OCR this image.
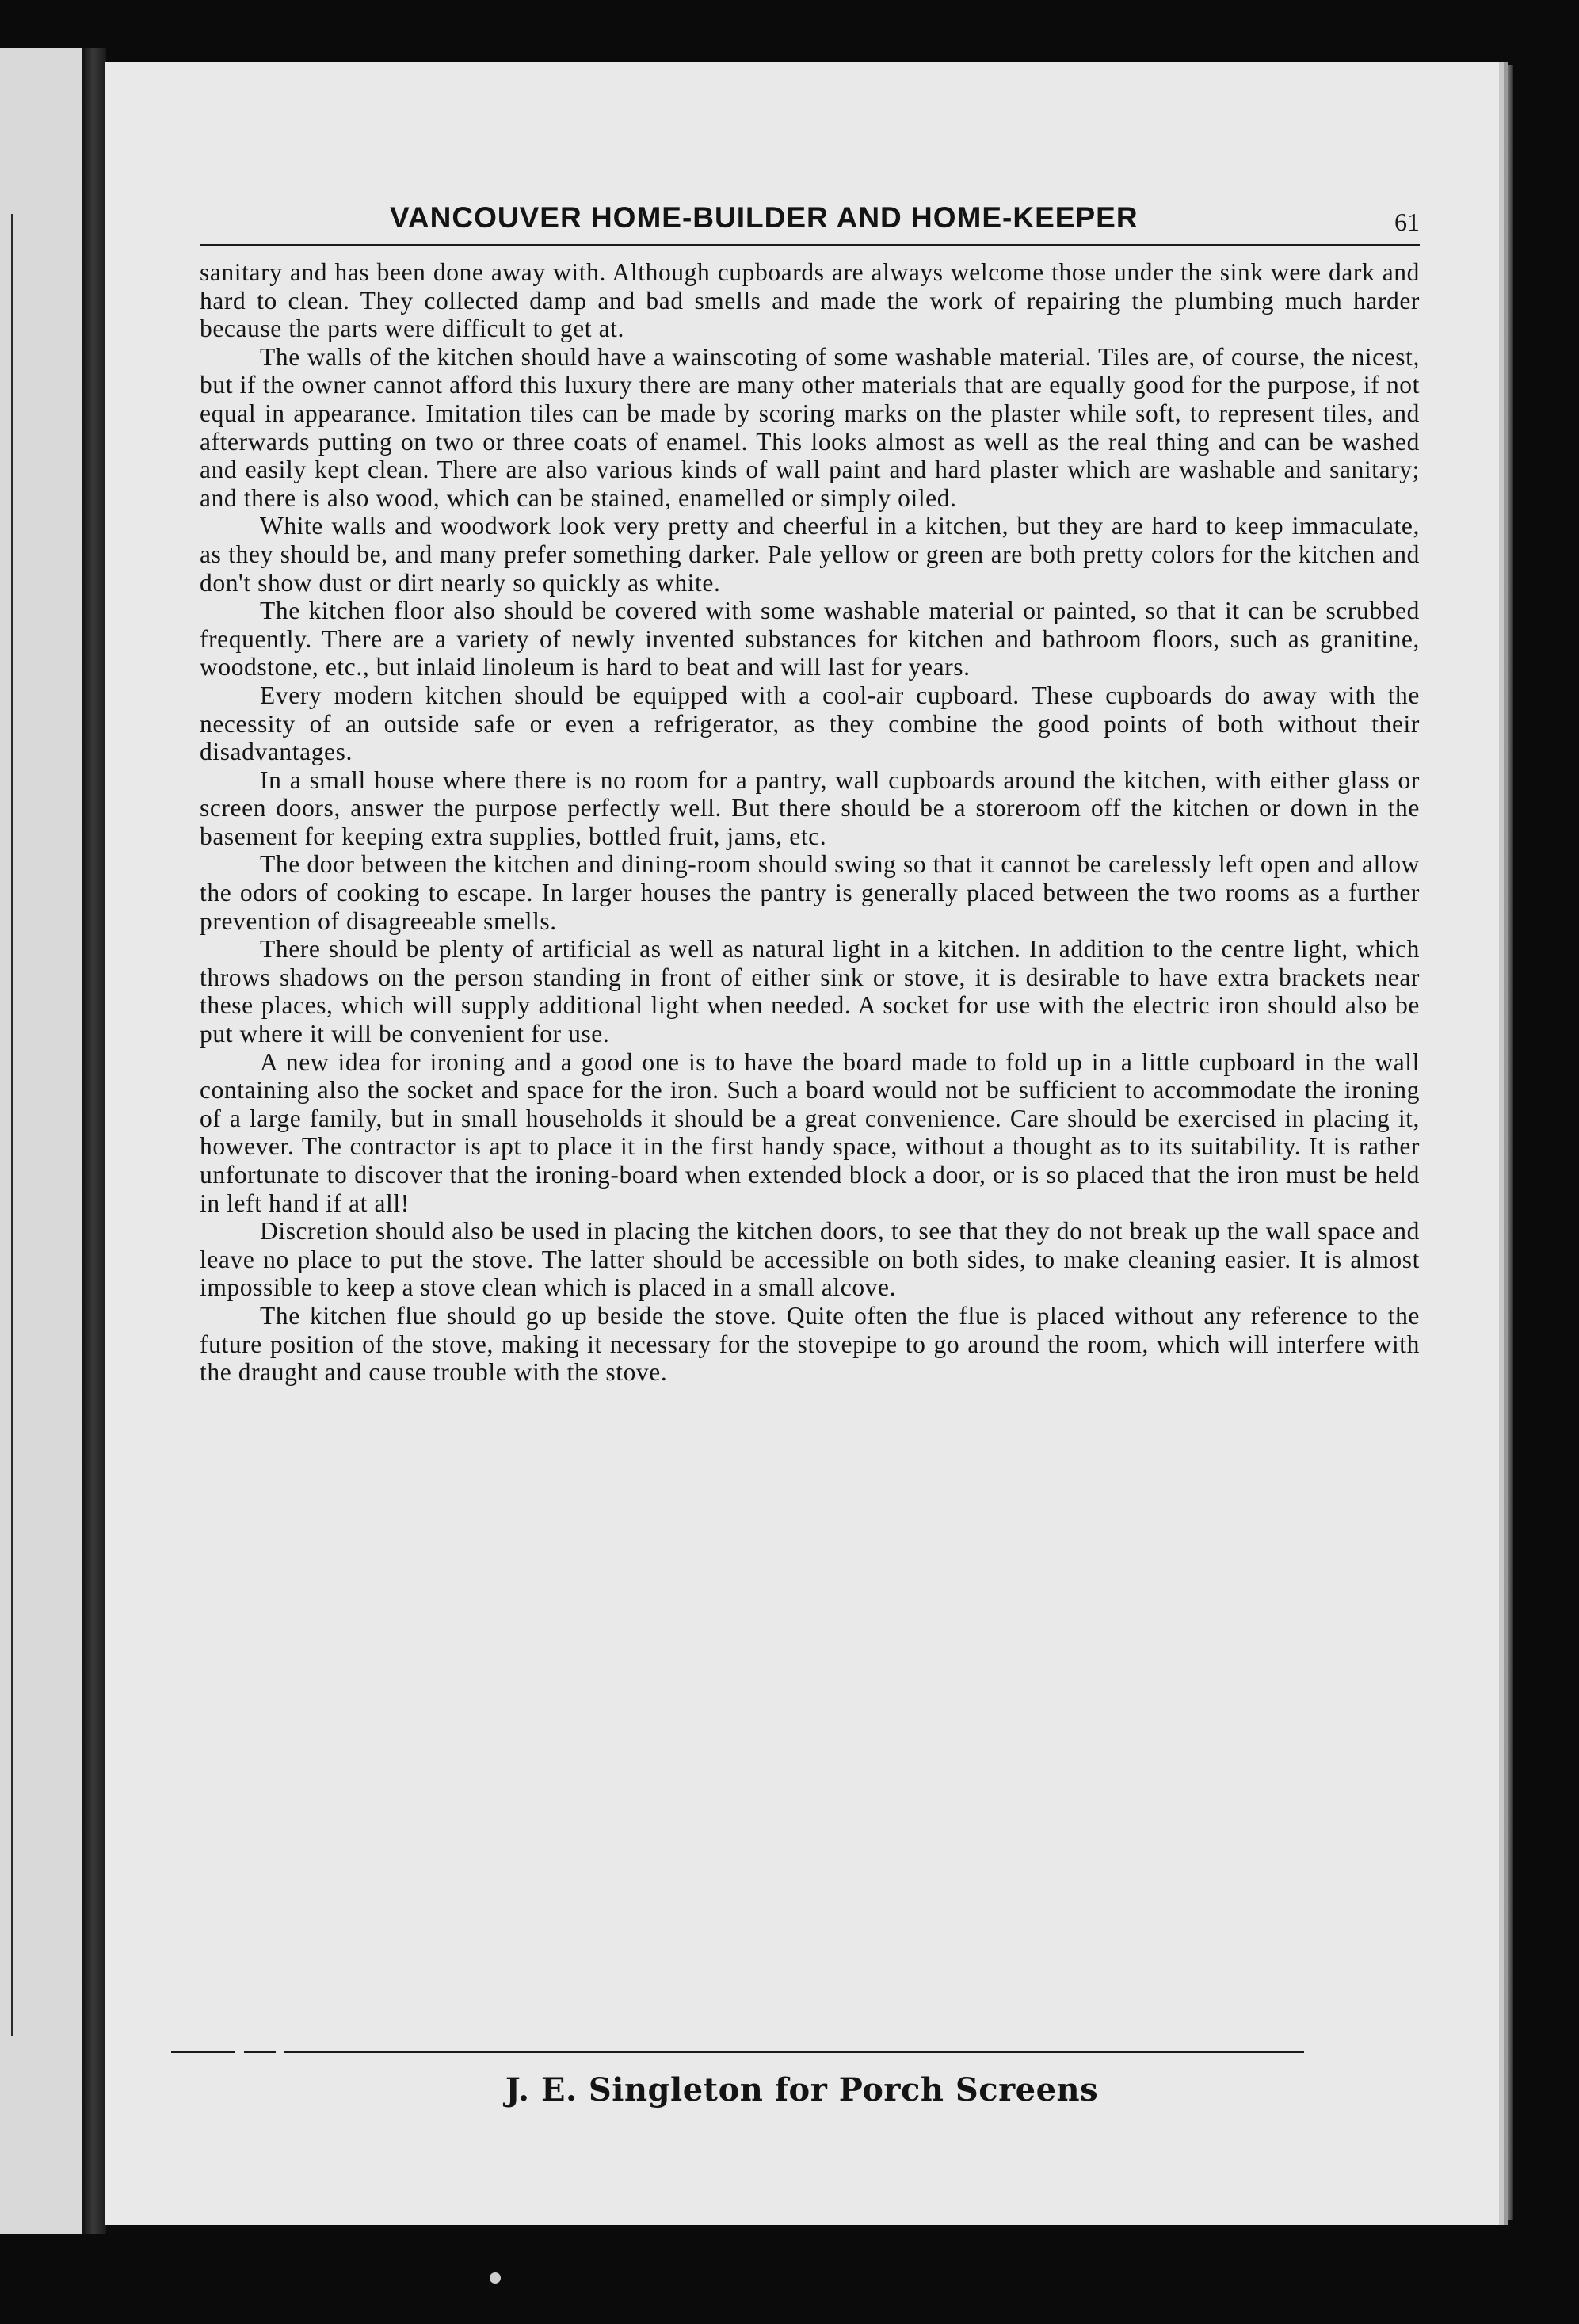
VANCOUVER HOME-BUILDER AND HOME-KEEPER	61

sanitary and has been done away with. Although cupboards are always welcome those under the sink were dark and hard to clean. They collected damp and bad smells and made the work of repairing the plumbing much harder because the parts were difficult to get at.

The walls of the kitchen should have a wainscoting of some washable material. Tiles are, of course, the nicest, but if the owner cannot afford this luxury there are many other materials that are equally good for the purpose, if not equal in appearance. Imitation tiles can be made by scoring marks on the plaster while soft, to represent tiles, and afterwards putting on two or three coats of enamel. This looks almost as well as the real thing and can be washed and easily kept clean. There are also various kinds of wall paint and hard plaster which are washable and sanitary; and there is also wood, which can be stained, enamelled or simply oiled.

White walls and woodwork look very pretty and cheerful in a kitchen, but they are hard to keep immaculate, as they should be, and many prefer something darker. Pale yellow or green are both pretty colors for the kitchen and don't show dust or dirt nearly so quickly as white.

The kitchen floor also should be covered with some washable material or painted, so that it can be scrubbed frequently. There are a variety of newly invented substances for kitchen and bathroom floors, such as granitine, woodstone, etc., but inlaid linoleum is hard to beat and will last for years.

Every modern kitchen should be equipped with a cool-air cupboard. These cupboards do away with the necessity of an outside safe or even a refrigerator, as they combine the good points of both without their disadvantages.

In a small house where there is no room for a pantry, wall cupboards around the kitchen, with either glass or screen doors, answer the purpose perfectly well. But there should be a storeroom off the kitchen or down in the basement for keeping extra supplies, bottled fruit, jams, etc.

The door between the kitchen and dining-room should swing so that it cannot be carelessly left open and allow the odors of cooking to escape. In larger houses the pantry is generally placed between the two rooms as a further prevention of disagreeable smells.

There should be plenty of artificial as well as natural light in a kitchen. In addition to the centre light, which throws shadows on the person standing in front of either sink or stove, it is desirable to have extra brackets near these places, which will supply additional light when needed. A socket for use with the electric iron should also be put where it will be convenient for use.

A new idea for ironing and a good one is to have the board made to fold up in a little cupboard in the wall containing also the socket and space for the iron. Such a board would not be sufficient to accommodate the ironing of a large family, but in small households it should be a great convenience. Care should be exercised in placing it, however. The contractor is apt to place it in the first handy space, without a thought as to its suitability. It is rather unfortunate to discover that the ironing-board when extended block a door, or is so placed that the iron must be held in left hand if at all!

Discretion should also be used in placing the kitchen doors, to see that they do not break up the wall space and leave no place to put the stove. The latter should be accessible on both sides, to make cleaning easier. It is almost impossible to keep a stove clean which is placed in a small alcove.

The kitchen flue should go up beside the stove. Quite often the flue is placed without any reference to the future position of the stove, making it necessary for the stovepipe to go around the room, which will interfere with the draught and cause trouble with the stove.

J. E. Singleton for Porch Screens
